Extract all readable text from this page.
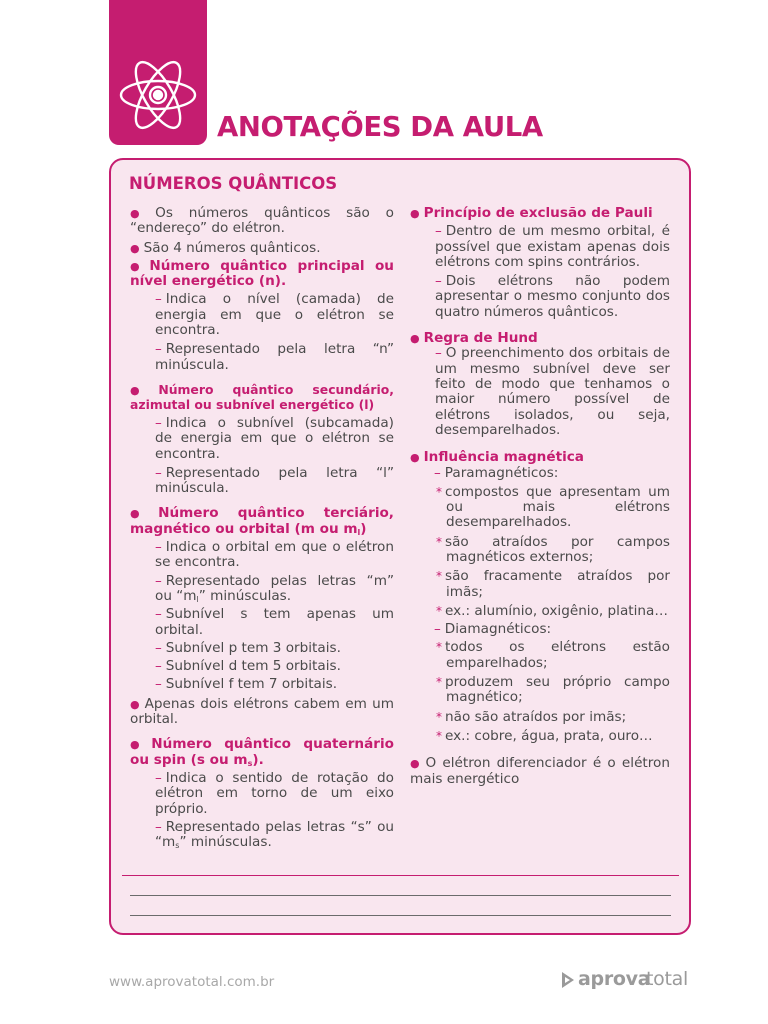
ANOTAÇÕES DA AULA
NÚMEROS QUÂNTICOS
● Os números quânticos são o “endereço” do elétron.
● São 4 números quânticos.
● Número quântico principal ou nível energético (n).
– Indica o nível (camada) de energia em que o elétron se encontra.
– Representado pela letra “n” minúscula.
● Número quântico secundário, azimutal ou subnível energético (l)
– Indica o subnível (subcamada) de energia em que o elétron se encontra.
– Representado pela letra “l” minúscula.
● Número quântico terciário, magnético ou orbital (m ou $m_l$)
– Indica o orbital em que o elétron se encontra.
– Representado pelas letras “m” ou “$m_l$” minúsculas.
– Subnível s tem apenas um orbital.
– Subnível p tem 3 orbitais.
– Subnível d tem 5 orbitais.
– Subnível f tem 7 orbitais.
● Apenas dois elétrons cabem em um orbital.
● Número quântico quaternário ou spin (s ou $m_s$).
– Indica o sentido de rotação do elétron em torno de um eixo próprio.
– Representado pelas letras “s” ou “$m_s$” minúsculas.
● Princípio de exclusão de Pauli
– Dentro de um mesmo orbital, é possível que existam apenas dois elétrons com spins contrários.
– Dois elétrons não podem apresentar o mesmo conjunto dos quatro números quânticos.
● Regra de Hund
– O preenchimento dos orbitais de um mesmo subnível deve ser feito de modo que tenhamos o maior número possível de elétrons isolados, ou seja, desemparelhados.
● Influência magnética
– Paramagnéticos:
* compostos que apresentam um ou mais elétrons desemparelhados.
* são atraídos por campos magnéticos externos;
* são fracamente atraídos por imãs;
* ex.: alumínio, oxigênio, platina…
– Diamagnéticos:
* todos os elétrons estão emparelhados;
* produzem seu próprio campo magnético;
* não são atraídos por imãs;
* ex.: cobre, água, prata, ouro…
● O elétron diferenciador é o elétron mais energético
www.aprovatotal.com.br	aprova
total
